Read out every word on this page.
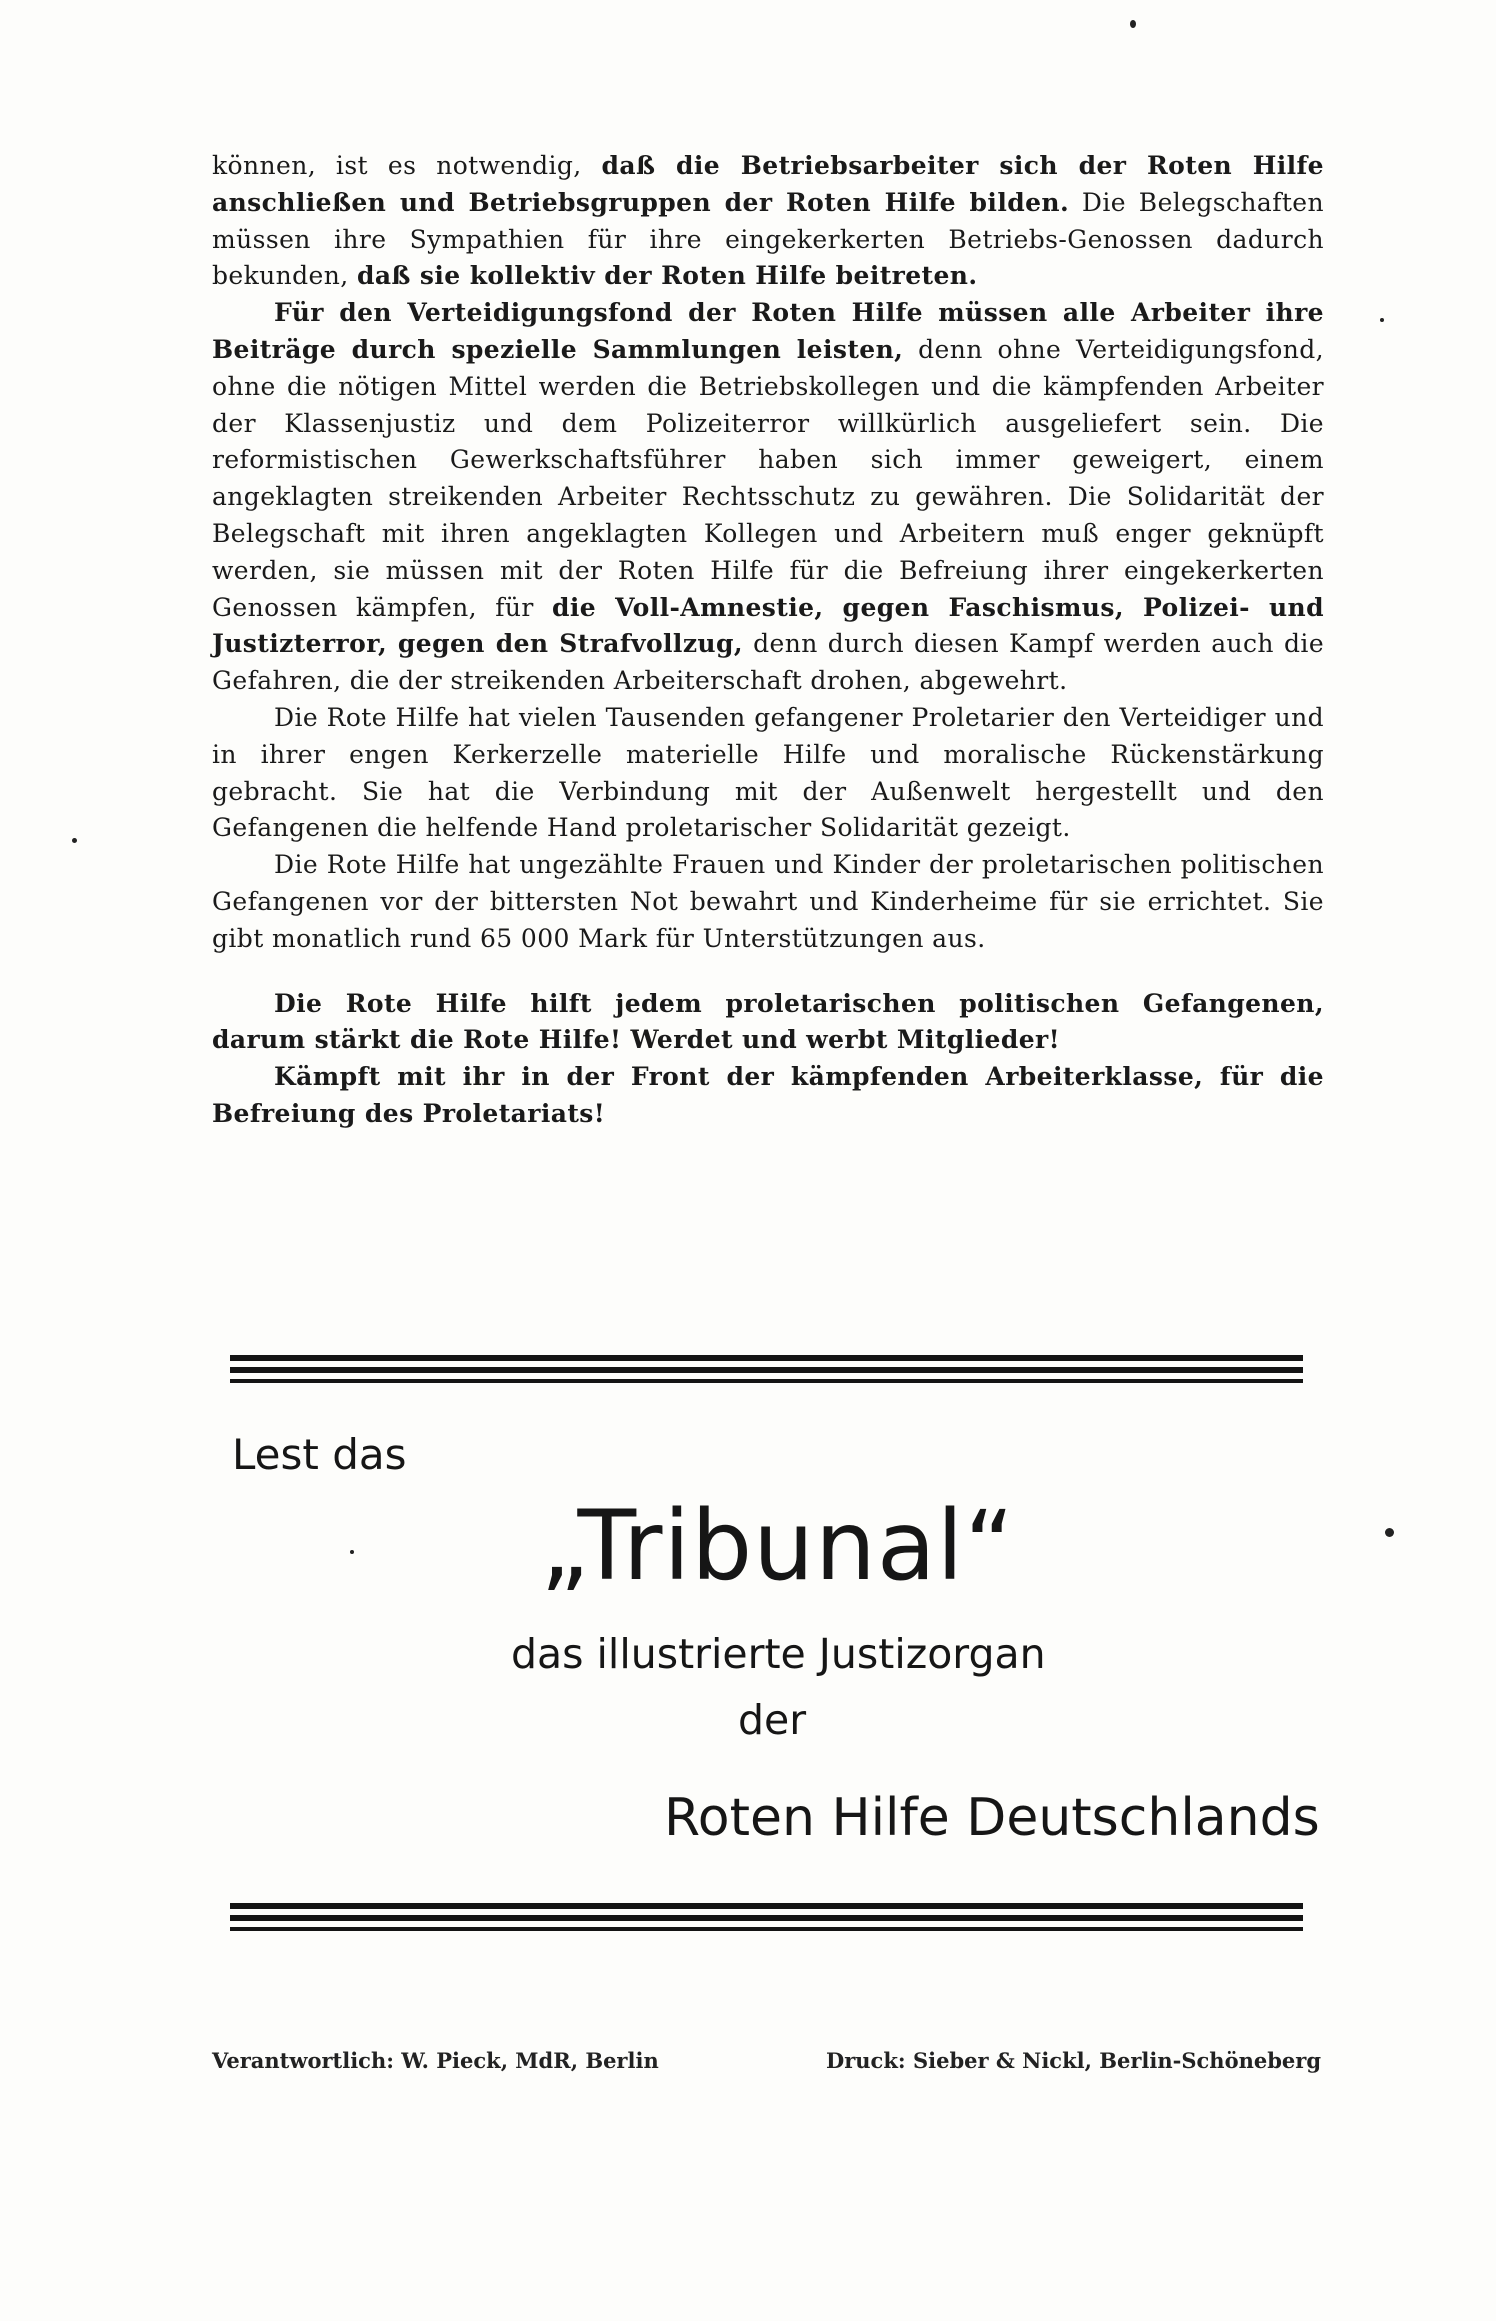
können, ist es notwendig, daß die Betriebsarbeiter sich der Roten Hilfe anschließen und Betriebsgruppen der Roten Hilfe bilden. Die Belegschaften müssen ihre Sympathien für ihre eingekerkerten Betriebs-Genossen dadurch bekunden, daß sie kollektiv der Roten Hilfe beitreten.

Für den Verteidigungsfond der Roten Hilfe müssen alle Arbeiter ihre Beiträge durch spezielle Sammlungen leisten, denn ohne Verteidigungsfond, ohne die nötigen Mittel werden die Betriebskollegen und die kämpfenden Arbeiter der Klassenjustiz und dem Polizeiterror willkürlich ausgeliefert sein. Die reformistischen Gewerkschaftsführer haben sich immer geweigert, einem angeklagten streikenden Arbeiter Rechtsschutz zu gewähren. Die Solidarität der Belegschaft mit ihren angeklagten Kollegen und Arbeitern muß enger geknüpft werden, sie müssen mit der Roten Hilfe für die Befreiung ihrer eingekerkerten Genossen kämpfen, für die Voll-Amnestie, gegen Faschismus, Polizei- und Justizterror, gegen den Strafvollzug, denn durch diesen Kampf werden auch die Gefahren, die der streikenden Arbeiterschaft drohen, abgewehrt.

Die Rote Hilfe hat vielen Tausenden gefangener Proletarier den Verteidiger und in ihrer engen Kerkerzelle materielle Hilfe und moralische Rückenstärkung gebracht. Sie hat die Verbindung mit der Außenwelt hergestellt und den Gefangenen die helfende Hand proletarischer Solidarität gezeigt.

Die Rote Hilfe hat ungezählte Frauen und Kinder der proletarischen politischen Gefangenen vor der bittersten Not bewahrt und Kinderheime für sie errichtet. Sie gibt monatlich rund 65 000 Mark für Unterstützungen aus.

Die Rote Hilfe hilft jedem proletarischen politischen Gefangenen, darum stärkt die Rote Hilfe! Werdet und werbt Mitglieder!

Kämpft mit ihr in der Front der kämpfenden Arbeiterklasse, für die Befreiung des Proletariats!

Lest das
„Tribunal“
das illustrierte Justizorgan
der
Roten Hilfe Deutschlands
Verantwortlich: W. Pieck, MdR, Berlin	Druck: Sieber & Nickl, Berlin-Schöneberg
